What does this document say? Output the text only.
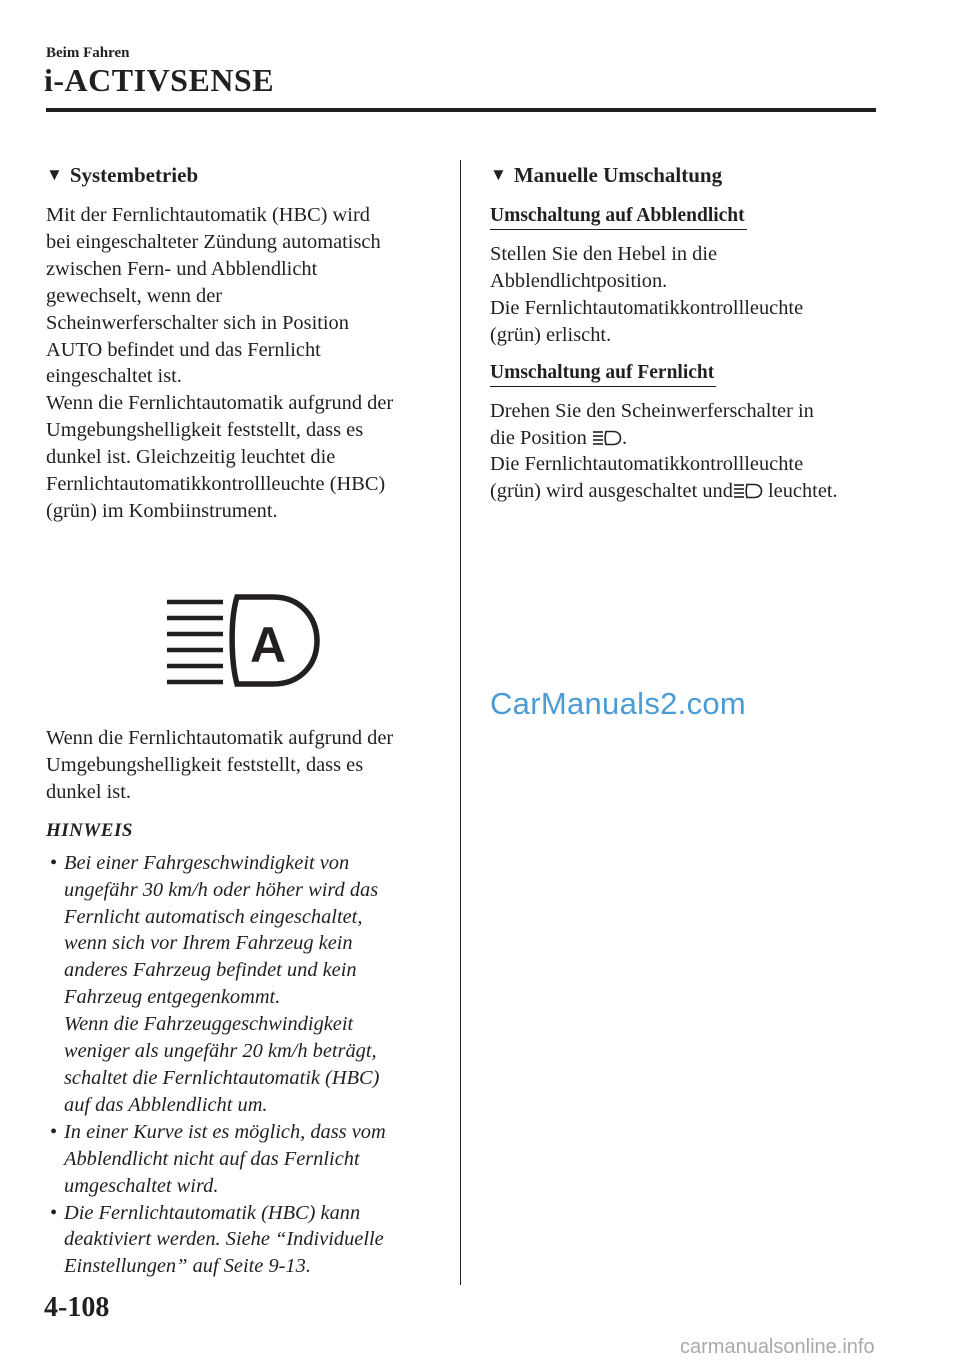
Beim Fahren
i-ACTIVSENSE
▼ Systembetrieb

Mit der Fernlichtautomatik (HBC) wird

bei eingeschalteter Zündung automatisch

zwischen Fern- und Abblendlicht

gewechselt, wenn der

Scheinwerferschalter sich in Position

AUTO befindet und das Fernlicht

eingeschaltet ist.

Wenn die Fernlichtautomatik aufgrund der

Umgebungshelligkeit feststellt, dass es

dunkel ist. Gleichzeitig leuchtet die

Fernlichtautomatikkontrollleuchte (HBC)

(grün) im Kombiinstrument.

A

Wenn die Fernlichtautomatik aufgrund der

Umgebungshelligkeit feststellt, dass es

dunkel ist.

HINWEIS
• Bei einer Fahrgeschwindigkeit von
ungefähr 30 km/h oder höher wird das
Fernlicht automatisch eingeschaltet,
wenn sich vor Ihrem Fahrzeug kein
anderes Fahrzeug befindet und kein
Fahrzeug entgegenkommt.
Wenn die Fahrzeuggeschwindigkeit
weniger als ungefähr 20 km/h beträgt,
schaltet die Fernlichtautomatik (HBC)
auf das Abblendlicht um.
• In einer Kurve ist es möglich, dass vom
Abblendlicht nicht auf das Fernlicht
umgeschaltet wird.
• Die Fernlichtautomatik (HBC) kann
deaktiviert werden. Siehe “Individuelle
Einstellungen” auf Seite 9-13.
▼ Manuelle Umschaltung
Umschaltung auf Abblendlicht

Stellen Sie den Hebel in die

Abblendlichtposition.

Die Fernlichtautomatikkontrollleuchte

(grün) erlischt.

Umschaltung auf Fernlicht

Drehen Sie den Scheinwerferschalter in

die Position .

Die Fernlichtautomatikkontrollleuchte

(grün) wird ausgeschaltet und leuchtet.

CarManuals2.com
4-108
carmanualsonline.info
